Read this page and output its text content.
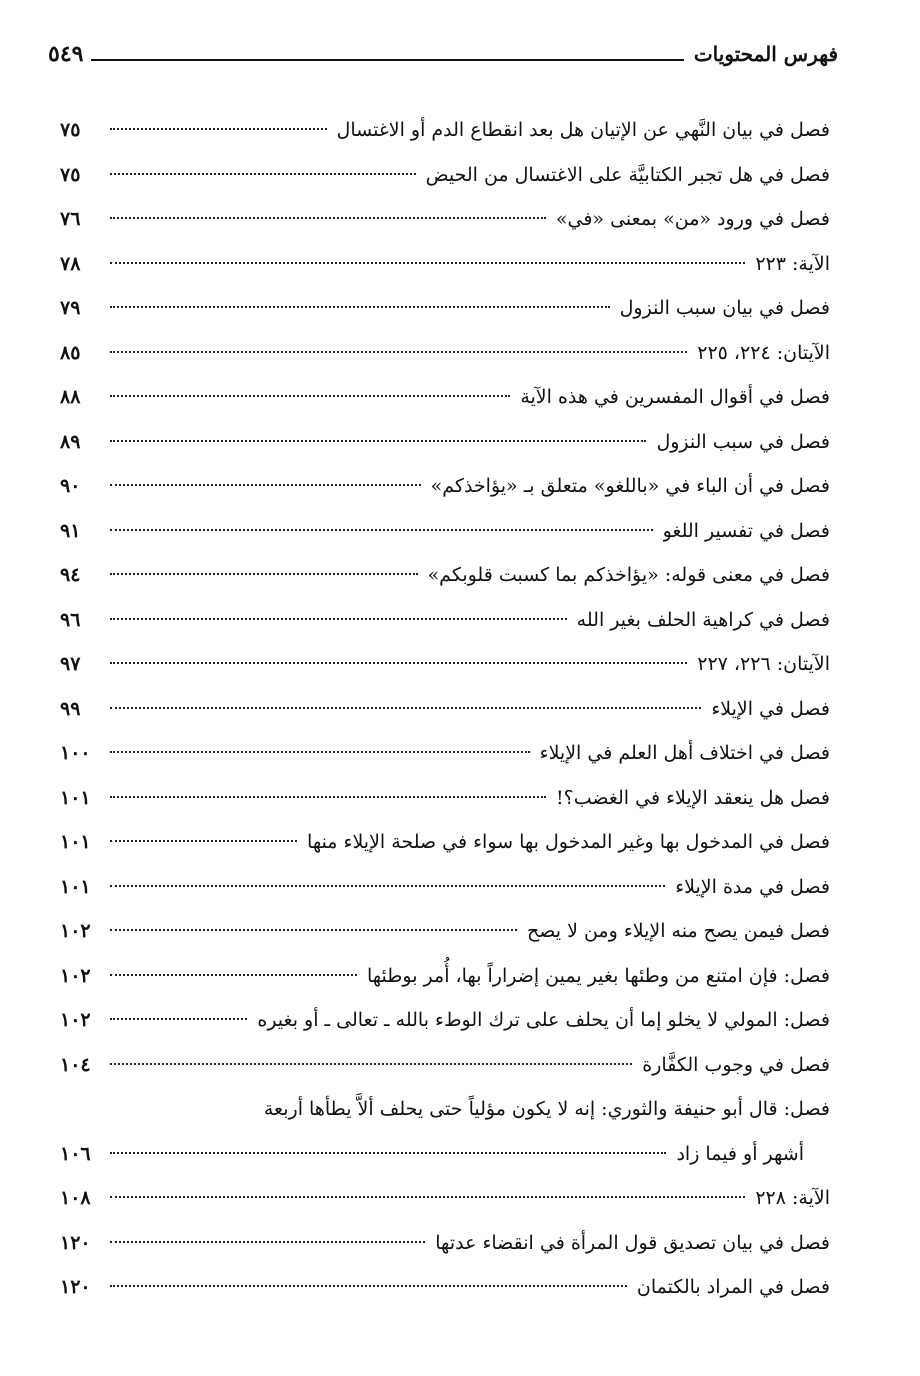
٥٤٩	فهرس المحتويات
فصل في بيان النَّهي عن الإتيان هل بعد انقطاع الدم أو الاغتسال
٧٥
فصل في هل تجبر الكتابيَّة على الاغتسال من الحيض
٧٥
فصل في ورود «من» بمعنى «في»
٧٦
الآية: ٢٢٣
٧٨
فصل في بيان سبب النزول
٧٩
الآيتان: ٢٢٤، ٢٢٥
٨٥
فصل في أقوال المفسرين في هذه الآية
٨٨
فصل في سبب النزول
٨٩
فصل في أن الباء في «باللغو» متعلق بـ «يؤاخذكم»
٩٠
فصل في تفسير اللغو
٩١
فصل في معنى قوله: «يؤاخذكم بما كسبت قلوبكم»
٩٤
فصل في كراهية الحلف بغير الله
٩٦
الآيتان: ٢٢٦، ٢٢٧
٩٧
فصل في الإيلاء
٩٩
فصل في اختلاف أهل العلم في الإيلاء
١٠٠
فصل هل ينعقد الإيلاء في الغضب؟!
١٠١
فصل في المدخول بها وغير المدخول بها سواء في صلحة الإيلاء منها
١٠١
فصل في مدة الإيلاء
١٠١
فصل فيمن يصح منه الإيلاء ومن لا يصح
١٠٢
فصل: فإن امتنع من وطئها بغير يمين إضراراً بها، أُمر بوطئها
١٠٢
فصل: المولي لا يخلو إما أن يحلف على ترك الوطء بالله ـ تعالى ـ أو بغيره
١٠٢
فصل في وجوب الكفَّارة
١٠٤
فصل: قال أبو حنيفة والثوري: إنه لا يكون مؤلياً حتى يحلف ألاَّ يطأها أربعة
أشهر أو فيما زاد
١٠٦
الآية: ٢٢٨
١٠٨
فصل في بيان تصديق قول المرأة في انقضاء عدتها
١٢٠
فصل في المراد بالكتمان
١٢٠
